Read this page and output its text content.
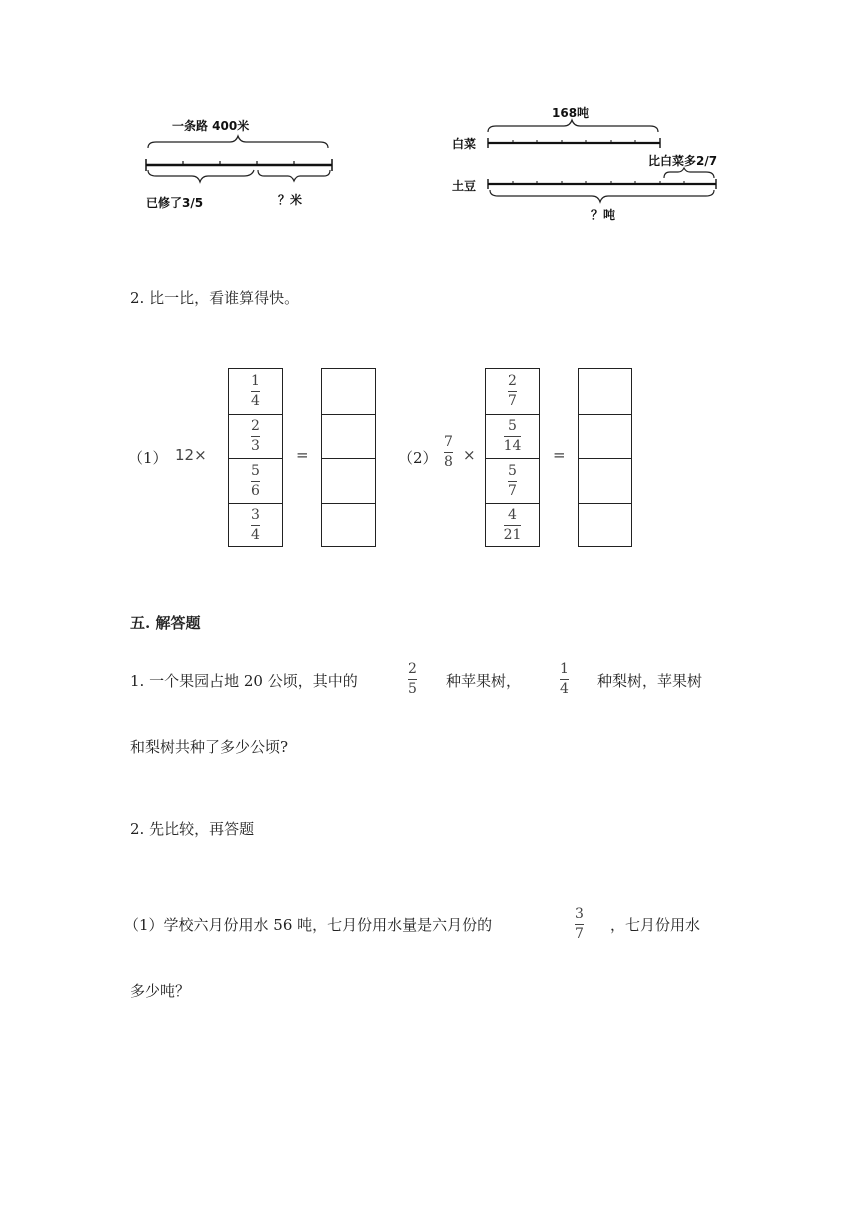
一条路 400米
已修了3/5	？米
168吨
白菜
土豆
比白菜多2/7
？吨
2. 比一比，看谁算得快。
（1） 12×
$\frac{1}{4}$
$\frac{2}{3}$
$\frac{5}{6}$
$\frac{3}{4}$
=	（2）
7
8 ×
$\frac{2}{7}$
$\frac{5}{14}$
$\frac{5}{7}$
$\frac{4}{21}$
=
五. 解答题
1. 一个果园占地 20 公顷，其中的
2
5 种苹果树，
1
4 种梨树，苹果树
和梨树共种了多少公顷?
2. 先比较，再答题
（1）学校六月份用水 56 吨，七月份用水量是六月份的
3
7 ，七月份用水
多少吨？
